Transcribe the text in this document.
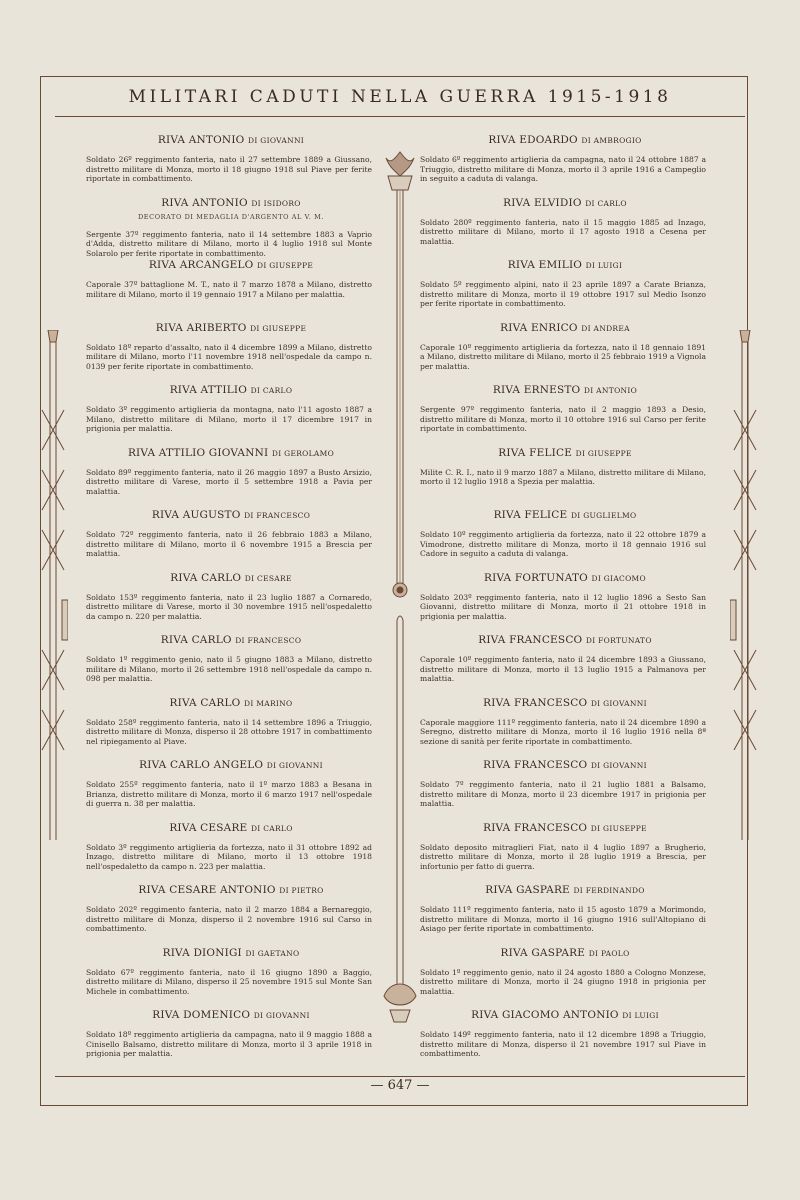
MILITARI CADUTI NELLA GUERRA 1915-1918
RIVA ANTONIO DI GIOVANNI
Soldato 26º reggimento fanteria, nato il 27 settembre 1889 a Giussano, distretto militare di Monza, morto il 18 giugno 1918 sul Piave per ferite riportate in combattimento.
RIVA ANTONIO DI ISIDORO
DECORATO DI MEDAGLIA D'ARGENTO AL V. M.
Sergente 37º reggimento fanteria, nato il 14 settembre 1883 a Vaprio d'Adda, distretto militare di Milano, morto il 4 luglio 1918 sul Monte Solarolo per ferite riportate in combattimento.
RIVA ARCANGELO DI GIUSEPPE
Caporale 37º battaglione M. T., nato il 7 marzo 1878 a Milano, distretto militare di Milano, morto il 19 gennaio 1917 a Milano per malattia.
RIVA ARIBERTO DI GIUSEPPE
Soldato 18º reparto d'assalto, nato il 4 dicembre 1899 a Milano, distretto militare di Milano, morto l'11 novembre 1918 nell'ospedale da campo n. 0139 per ferite riportate in combattimento.
RIVA ATTILIO DI CARLO
Soldato 3º reggimento artiglieria da montagna, nato l'11 agosto 1887 a Milano, distretto militare di Milano, morto il 17 dicembre 1917 in prigionia per malattia.
RIVA ATTILIO GIOVANNI DI GEROLAMO
Soldato 89º reggimento fanteria, nato il 26 maggio 1897 a Busto Arsizio, distretto militare di Varese, morto il 5 settembre 1918 a Pavia per malattia.
RIVA AUGUSTO DI FRANCESCO
Soldato 72º reggimento fanteria, nato il 26 febbraio 1883 a Milano, distretto militare di Milano, morto il 6 novembre 1915 a Brescia per malattia.
RIVA CARLO DI CESARE
Soldato 153º reggimento fanteria, nato il 23 luglio 1887 a Cornaredo, distretto militare di Varese, morto il 30 novembre 1915 nell'ospedaletto da campo n. 220 per malattia.
RIVA CARLO DI FRANCESCO
Soldato 1º reggimento genio, nato il 5 giugno 1883 a Milano, distretto militare di Milano, morto il 26 settembre 1918 nell'ospedale da campo n. 098 per malattia.
RIVA CARLO DI MARINO
Soldato 258º reggimento fanteria, nato il 14 settembre 1896 a Triuggio, distretto militare di Monza, disperso il 28 ottobre 1917 in combattimento nel ripiegamento al Piave.
RIVA CARLO ANGELO DI GIOVANNI
Soldato 255º reggimento fanteria, nato il 1º marzo 1883 a Besana in Brianza, distretto militare di Monza, morto il 6 marzo 1917 nell'ospedale di guerra n. 38 per malattia.
RIVA CESARE DI CARLO
Soldato 3º reggimento artiglieria da fortezza, nato il 31 ottobre 1892 ad Inzago, distretto militare di Milano, morto il 13 ottobre 1918 nell'ospedaletto da campo n. 223 per malattia.
RIVA CESARE ANTONIO DI PIETRO
Soldato 202º reggimento fanteria, nato il 2 marzo 1884 a Bernareggio, distretto militare di Monza, disperso il 2 novembre 1916 sul Carso in combattimento.
RIVA DIONIGI DI GAETANO
Soldato 67º reggimento fanteria, nato il 16 giugno 1890 a Baggio, distretto militare di Milano, disperso il 25 novembre 1915 sul Monte San Michele in combattimento.
RIVA DOMENICO DI GIOVANNI
Soldato 18º reggimento artiglieria da campagna, nato il 9 maggio 1888 a Cinisello Balsamo, distretto militare di Monza, morto il 3 aprile 1918 in prigionia per malattia.
RIVA EDOARDO DI AMBROGIO
Soldato 6º reggimento artiglieria da campagna, nato il 24 ottobre 1887 a Triuggio, distretto militare di Monza, morto il 3 aprile 1916 a Campeglio in seguito a caduta di valanga.
RIVA ELVIDIO DI CARLO
Soldato 280º reggimento fanteria, nato il 15 maggio 1885 ad Inzago, distretto militare di Milano, morto il 17 agosto 1918 a Cesena per malattia.
RIVA EMILIO DI LUIGI
Soldato 5º reggimento alpini, nato il 23 aprile 1897 a Carate Brianza, distretto militare di Monza, morto il 19 ottobre 1917 sul Medio Isonzo per ferite riportate in combattimento.
RIVA ENRICO DI ANDREA
Caporale 10º reggimento artiglieria da fortezza, nato il 18 gennaio 1891 a Milano, distretto militare di Milano, morto il 25 febbraio 1919 a Vignola per malattia.
RIVA ERNESTO DI ANTONIO
Sergente 97º reggimento fanteria, nato il 2 maggio 1893 a Desio, distretto militare di Monza, morto il 10 ottobre 1916 sul Carso per ferite riportate in combattimento.
RIVA FELICE DI GIUSEPPE
Milite C. R. I., nato il 9 marzo 1887 a Milano, distretto militare di Milano, morto il 12 luglio 1918 a Spezia per malattia.
RIVA FELICE DI GUGLIELMO
Soldato 10º reggimento artiglieria da fortezza, nato il 22 ottobre 1879 a Vimodrone, distretto militare di Monza, morto il 18 gennaio 1916 sul Cadore in seguito a caduta di valanga.
RIVA FORTUNATO DI GIACOMO
Soldato 203º reggimento fanteria, nato il 12 luglio 1896 a Sesto San Giovanni, distretto militare di Monza, morto il 21 ottobre 1918 in prigionia per malattia.
RIVA FRANCESCO DI FORTUNATO
Caporale 10º reggimento fanteria, nato il 24 dicembre 1893 a Giussano, distretto militare di Monza, morto il 13 luglio 1915 a Palmanova per malattia.
RIVA FRANCESCO DI GIOVANNI
Caporale maggiore 111º reggimento fanteria, nato il 24 dicembre 1890 a Seregno, distretto militare di Monza, morto il 16 luglio 1916 nella 8ª sezione di sanità per ferite riportate in combattimento.
RIVA FRANCESCO DI GIOVANNI
Soldato 7º reggimento fanteria, nato il 21 luglio 1881 a Balsamo, distretto militare di Monza, morto il 23 dicembre 1917 in prigionia per malattia.
RIVA FRANCESCO DI GIUSEPPE
Soldato deposito mitraglieri Fiat, nato il 4 luglio 1897 a Brugherio, distretto militare di Monza, morto il 28 luglio 1919 a Brescia, per infortunio per fatto di guerra.
RIVA GASPARE DI FERDINANDO
Soldato 111º reggimento fanteria, nato il 15 agosto 1879 a Morimondo, distretto militare di Monza, morto il 16 giugno 1916 sull'Altopiano di Asiago per ferite riportate in combattimento.
RIVA GASPARE DI PAOLO
Soldato 1º reggimento genio, nato il 24 agosto 1880 a Cologno Monzese, distretto militare di Monza, morto il 24 giugno 1918 in prigionia per malattia.
RIVA GIACOMO ANTONIO DI LUIGI
Soldato 149º reggimento fanteria, nato il 12 dicembre 1898 a Triuggio, distretto militare di Monza, disperso il 21 novembre 1917 sul Piave in combattimento.
— 647 —
